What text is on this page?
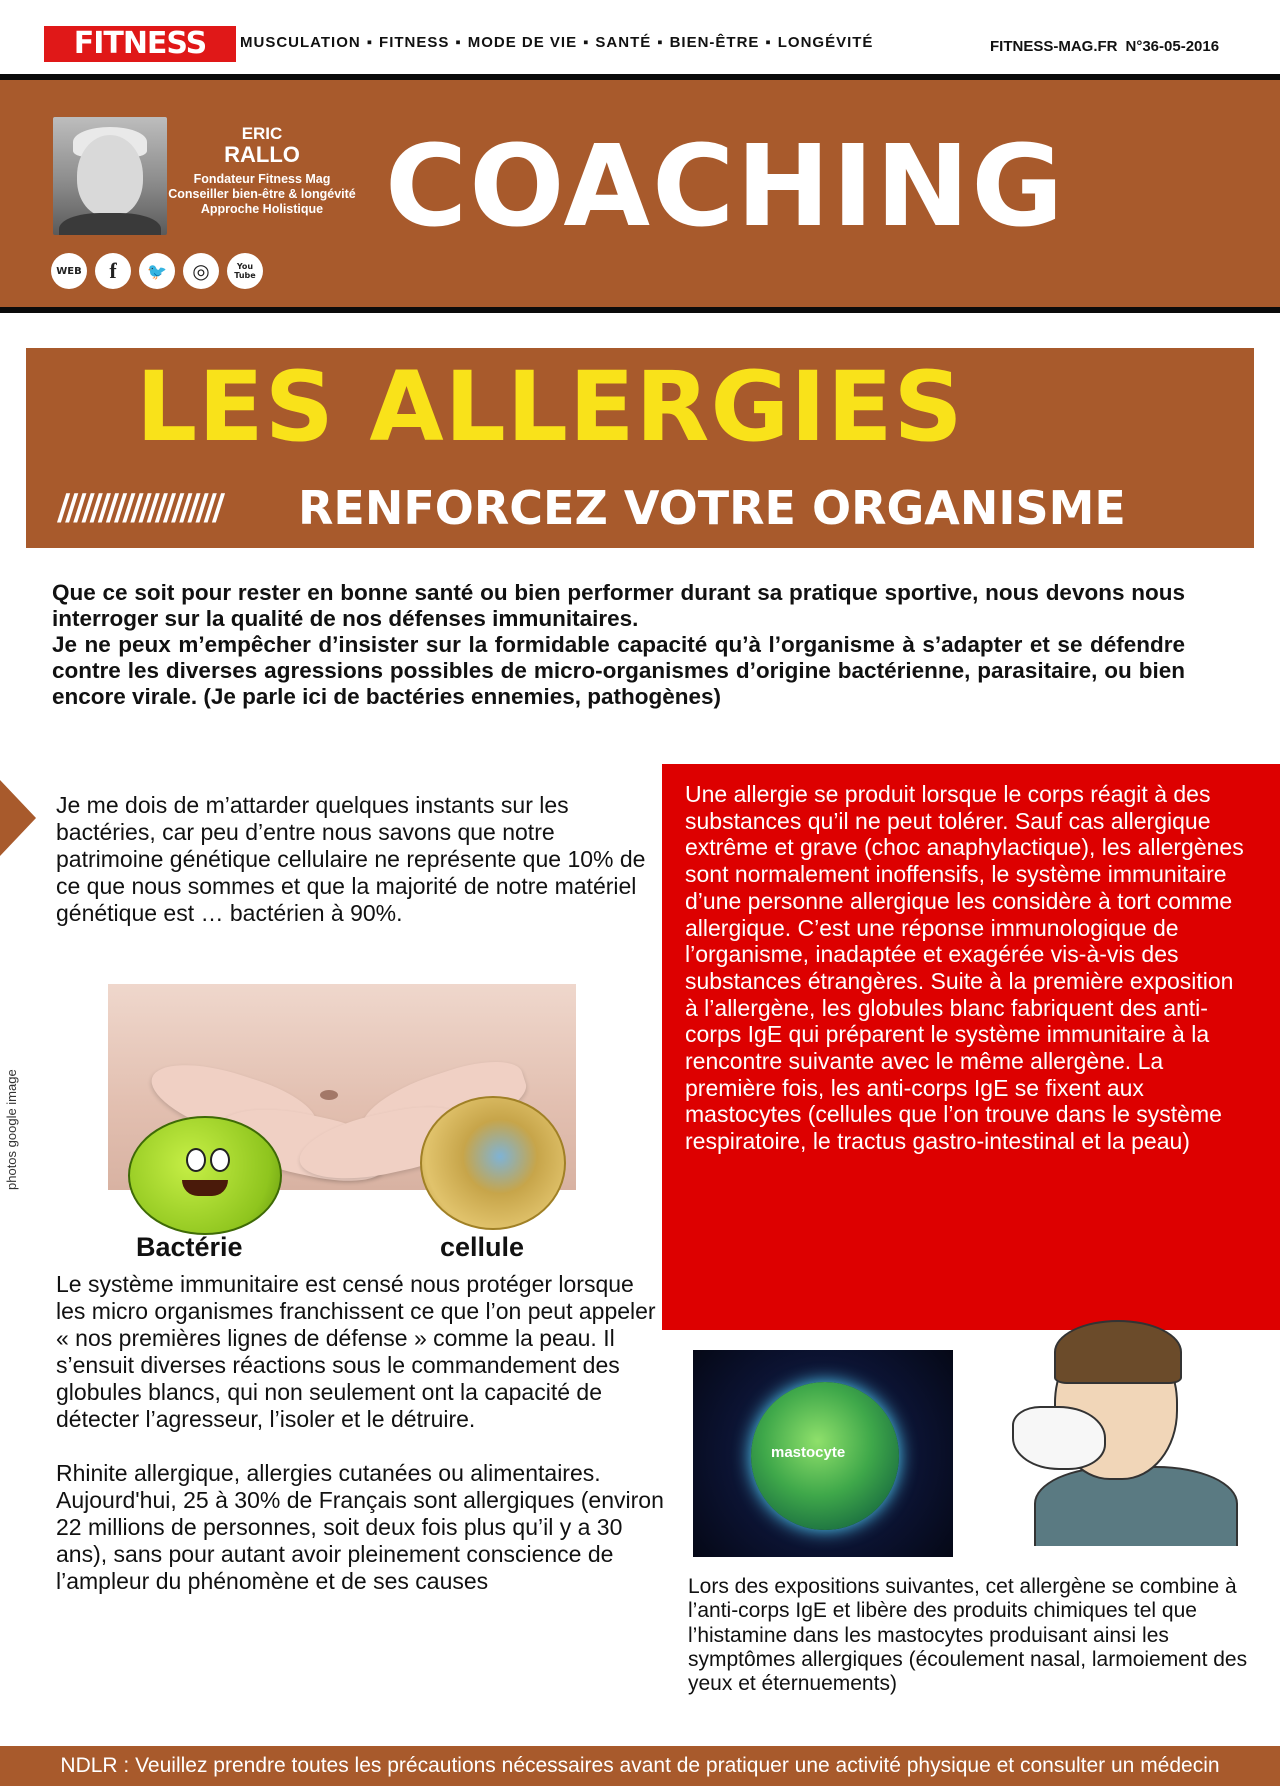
FITNESS	MUSCULATION ▪ FITNESS ▪ MODE DE VIE ▪ SANTÉ ▪ BIEN-ÊTRE ▪ LONGÉVITÉ	FITNESS-MAG.FR N°36-05-2016
ERIC
RALLO
Fondateur Fitness Mag
Conseiller bien-être & longévité
Approche Holistique
WEB	f	🐦	◎	You Tube
COACHING
LES ALLERGIES
//////////////////// RENFORCEZ VOTRE ORGANISME

Que ce soit pour rester en bonne santé ou bien performer durant sa pratique sportive, nous devons nous interroger sur la qualité de nos défenses immunitaires.

Je ne peux m’empêcher d’insister sur la formidable capacité qu’à l’organisme à s’adapter et se défendre contre les diverses agressions possibles de micro-organismes d’origine bactérienne, parasitaire, ou bien encore virale. (Je parle ici de bactéries ennemies, pathogènes)

Je me dois de m’attarder quelques instants sur les bactéries, car peu d’entre nous savons que notre patrimoine génétique cellulaire ne représente que 10% de ce que nous sommes et que la majorité de notre matériel génétique est … bactérien à 90%.
Bactérie	cellule
photos google image

Le système immunitaire est censé nous protéger lorsque les micro organismes franchissent ce que l’on peut appeler « nos premières lignes de défense » comme la peau. Il s’ensuit diverses réactions sous le commandement des globules blancs, qui non seulement ont la capacité de détecter l’agresseur, l’isoler et le détruire.

Rhinite allergique, allergies cutanées ou alimentaires. Aujourd'hui, 25 à 30% de Français sont allergiques (environ 22 millions de personnes, soit deux fois plus qu’il y a 30 ans), sans pour autant avoir pleinement conscience de l’ampleur du phénomène et de ses causes

Une allergie se produit lorsque le corps réagit à des substances qu’il ne peut tolérer. Sauf cas allergique extrême et grave (choc anaphylactique), les allergènes sont normalement inoffensifs, le système immunitaire d’une personne allergique les considère à tort comme allergique. C’est une réponse immunologique de l’organisme, inadaptée et exagérée vis-à-vis des substances étrangères. Suite à la première exposition à l’allergène, les globules blanc fabriquent des anti-corps IgE qui préparent le système immunitaire à la rencontre suivante avec le même allergène. La première fois, les anti-corps IgE se fixent aux mastocytes (cellules que l’on trouve dans le système respiratoire, le tractus gastro-intestinal et la peau)
mastocyte
Lors des expositions suivantes, cet allergène se combine à l’anti-corps IgE et libère des produits chimiques tel que l’histamine dans les mastocytes produisant ainsi les symptômes allergiques (écoulement nasal, larmoiement des yeux et éternuements)
NDLR : Veuillez prendre toutes les précautions nécessaires avant de pratiquer une activité physique et consulter un médecin
